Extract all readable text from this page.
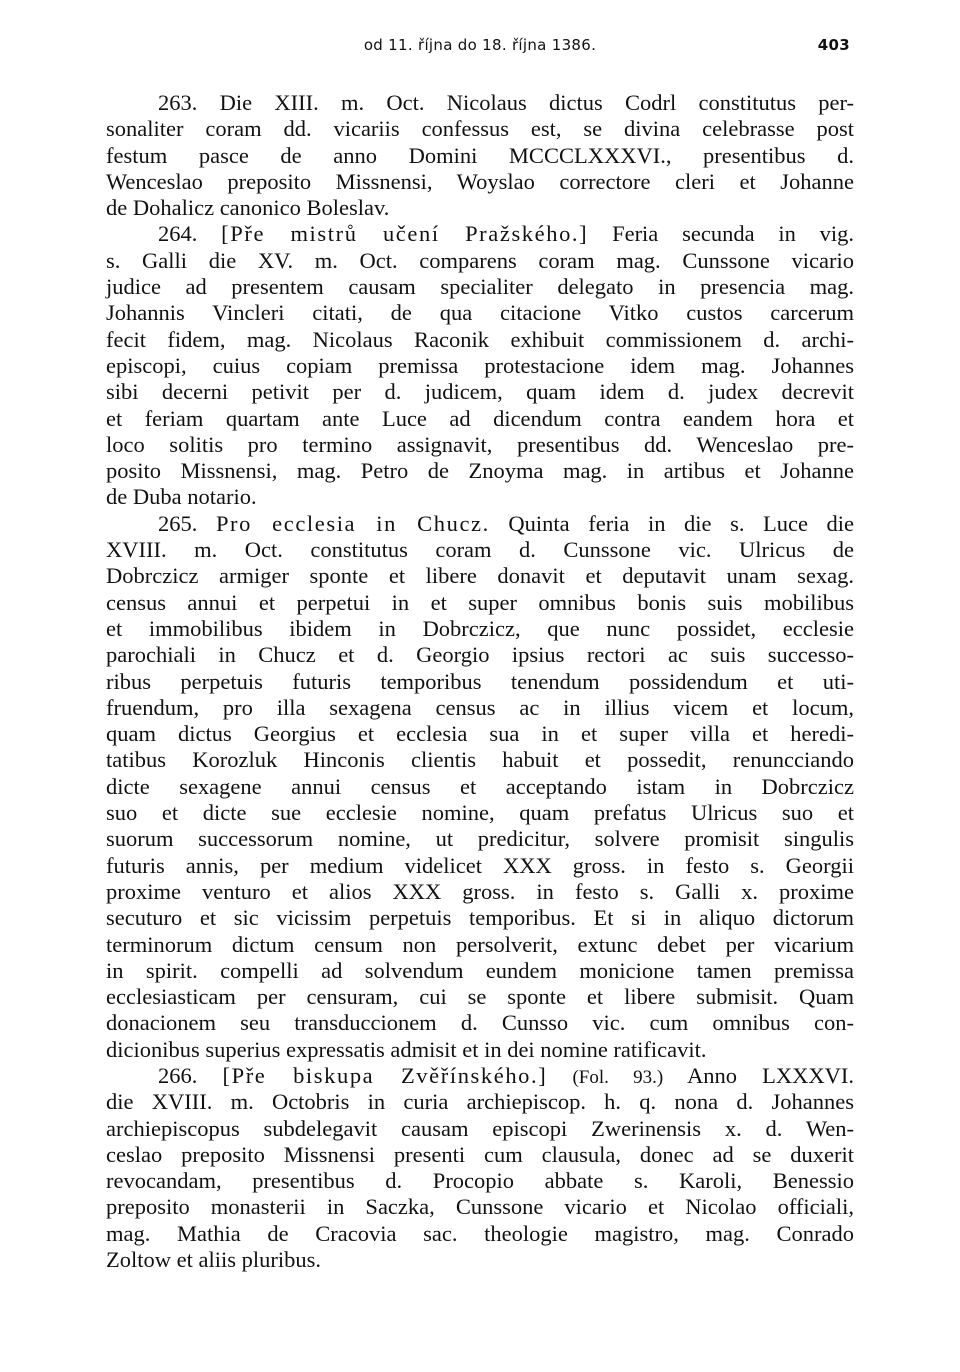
od 11. října do 18. října 1386.	403
263. Die XIII. m. Oct. Nicolaus dictus Codrl constitutus per-
sonaliter coram dd. vicariis confessus est, se divina celebrasse post
festum pasce de anno Domini MCCCLXXXVI., presentibus d.
Wenceslao preposito Missnensi, Woyslao correctore cleri et Johanne
de Dohalicz canonico Boleslav.
264. [Pře mistrů učení Pražského.] Feria secunda in vig.
s. Galli die XV. m. Oct. comparens coram mag. Cunssone vicario
judice ad presentem causam specialiter delegato in presencia mag.
Johannis Vincleri citati, de qua citacione Vitko custos carcerum
fecit fidem, mag. Nicolaus Raconik exhibuit commissionem d. archi-
episcopi, cuius copiam premissa protestacione idem mag. Johannes
sibi decerni petivit per d. judicem, quam idem d. judex decrevit
et feriam quartam ante Luce ad dicendum contra eandem hora et
loco solitis pro termino assignavit, presentibus dd. Wenceslao pre-
posito Missnensi, mag. Petro de Znoyma mag. in artibus et Johanne
de Duba notario.
265. Pro ecclesia in Chucz. Quinta feria in die s. Luce die
XVIII. m. Oct. constitutus coram d. Cunssone vic. Ulricus de
Dobrczicz armiger sponte et libere donavit et deputavit unam sexag.
census annui et perpetui in et super omnibus bonis suis mobilibus
et immobilibus ibidem in Dobrczicz, que nunc possidet, ecclesie
parochiali in Chucz et d. Georgio ipsius rectori ac suis successo-
ribus perpetuis futuris temporibus tenendum possidendum et uti-
fruendum, pro illa sexagena census ac in illius vicem et locum,
quam dictus Georgius et ecclesia sua in et super villa et heredi-
tatibus Korozluk Hinconis clientis habuit et possedit, renuncciando
dicte sexagene annui census et acceptando istam in Dobrczicz
suo et dicte sue ecclesie nomine, quam prefatus Ulricus suo et
suorum successorum nomine, ut predicitur, solvere promisit singulis
futuris annis, per medium videlicet XXX gross. in festo s. Georgii
proxime venturo et alios XXX gross. in festo s. Galli x. proxime
secuturo et sic vicissim perpetuis temporibus. Et si in aliquo dictorum
terminorum dictum censum non persolverit, extunc debet per vicarium
in spirit. compelli ad solvendum eundem monicione tamen premissa
ecclesiasticam per censuram, cui se sponte et libere submisit. Quam
donacionem seu transduccionem d. Cunsso vic. cum omnibus con-
dicionibus superius expressatis admisit et in dei nomine ratificavit.
266. [Pře biskupa Zvěřínského.] (Fol. 93.) Anno LXXXVI.
die XVIII. m. Octobris in curia archiepiscop. h. q. nona d. Johannes
archiepiscopus subdelegavit causam episcopi Zwerinensis x. d. Wen-
ceslao preposito Missnensi presenti cum clausula, donec ad se duxerit
revocandam, presentibus d. Procopio abbate s. Karoli, Benessio
preposito monasterii in Saczka, Cunssone vicario et Nicolao officiali,
mag. Mathia de Cracovia sac. theologie magistro, mag. Conrado
Zoltow et aliis pluribus.
